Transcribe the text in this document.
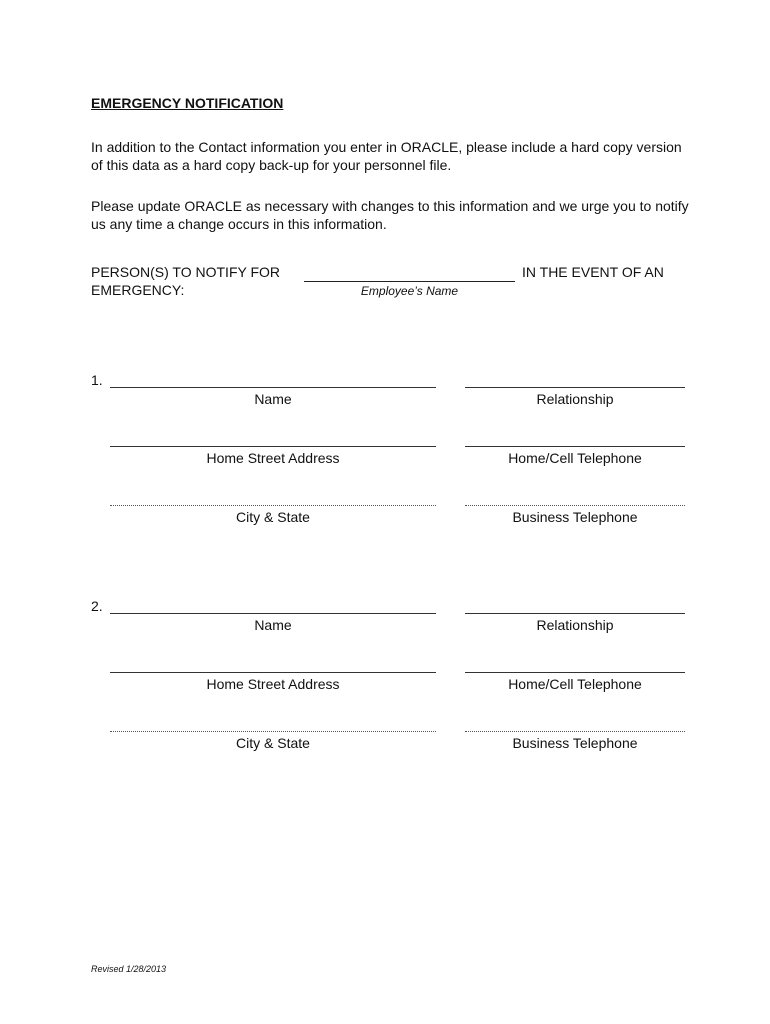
EMERGENCY NOTIFICATION
In addition to the Contact information you enter in ORACLE, please include a hard copy version of this data as a hard copy back-up for your personnel file.
Please update ORACLE as necessary with changes to this information and we urge you to notify us any time a change occurs in this information.
PERSON(S) TO NOTIFY FOR
EMERGENCY:	Employee’s Name
IN THE EVENT OF AN
1.
Name	Relationship
Home Street Address	Home/Cell Telephone
City & State	Business Telephone
2.
Name	Relationship
Home Street Address	Home/Cell Telephone
City & State	Business Telephone
Revised 1/28/2013
